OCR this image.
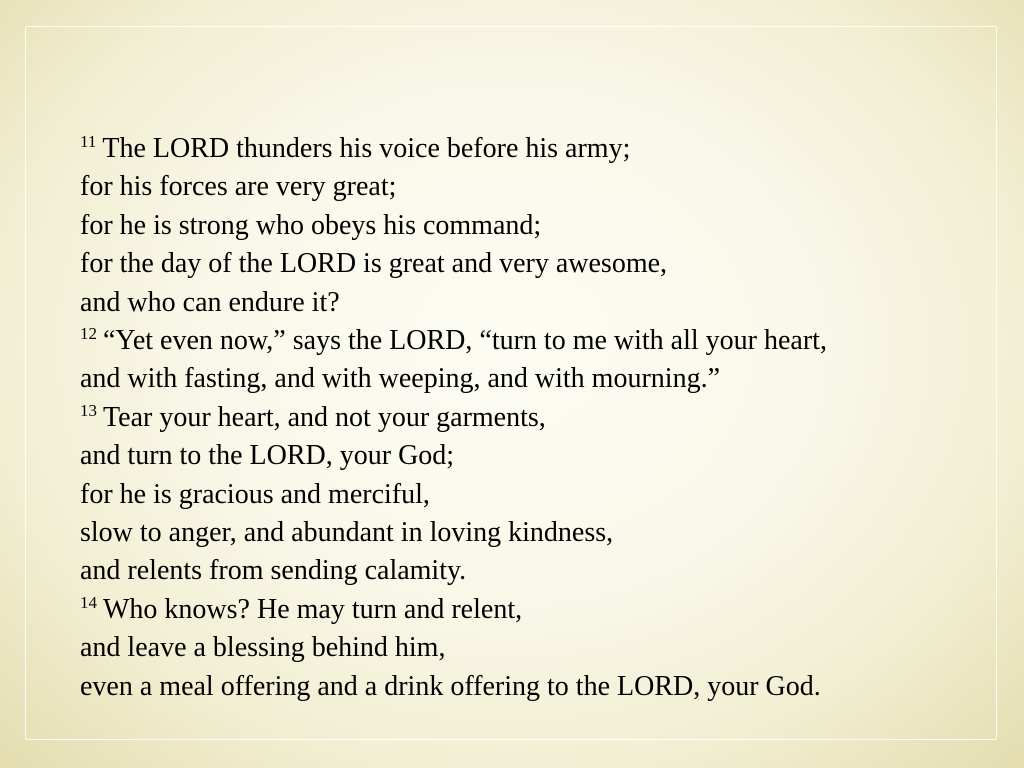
$^{11}$ The LORD thunders his voice before his army;

for his forces are very great;

for he is strong who obeys his command;

for the day of the LORD is great and very awesome,

and who can endure it?

$^{12}$ “Yet even now,” says the LORD, “turn to me with all your heart,

and with fasting, and with weeping, and with mourning.”

$^{13}$ Tear your heart, and not your garments,

and turn to the LORD, your God;

for he is gracious and merciful,

slow to anger, and abundant in loving kindness,

and relents from sending calamity.

$^{14}$ Who knows? He may turn and relent,

and leave a blessing behind him,

even a meal offering and a drink offering to the LORD, your God.
